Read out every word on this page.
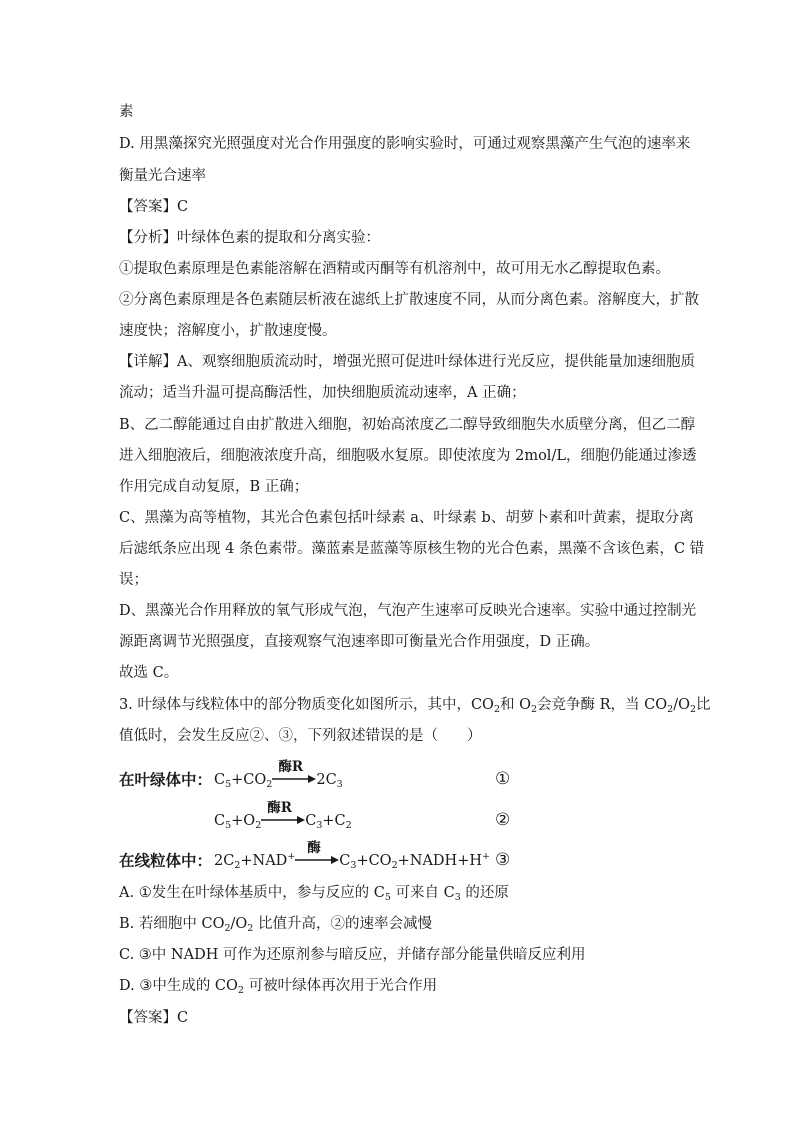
素
D. 用黑藻探究光照强度对光合作用强度的影响实验时，可通过观察黑藻产生气泡的速率来
衡量光合速率
【答案】C
【分析】叶绿体色素的提取和分离实验：
①提取色素原理是色素能溶解在酒精或丙酮等有机溶剂中，故可用无水乙醇提取色素。
②分离色素原理是各色素随层析液在滤纸上扩散速度不同，从而分离色素。溶解度大，扩散
速度快；溶解度小，扩散速度慢。
【详解】A、观察细胞质流动时，增强光照可促进叶绿体进行光反应，提供能量加速细胞质
流动；适当升温可提高酶活性，加快细胞质流动速率，A 正确；
B、乙二醇能通过自由扩散进入细胞，初始高浓度乙二醇导致细胞失水质壁分离，但乙二醇
进入细胞液后，细胞液浓度升高，细胞吸水复原。即使浓度为 2mol/L，细胞仍能通过渗透
作用完成自动复原，B 正确；
C、黑藻为高等植物，其光合色素包括叶绿素 a、叶绿素 b、胡萝卜素和叶黄素，提取分离
后滤纸条应出现 4 条色素带。藻蓝素是蓝藻等原核生物的光合色素，黑藻不含该色素，C 错
误；
D、黑藻光合作用释放的氧气形成气泡，气泡产生速率可反映光合速率。实验中通过控制光
源距离调节光照强度，直接观察气泡速率即可衡量光合作用强度，D 正确。
故选 C。
3. 叶绿体与线粒体中的部分物质变化如图所示，其中，$CO_2$和 $O_2$会竞争酶 R，当 $CO_2/O_2$比
值低时，会发生反应②、③，下列叙述错误的是（　　）
在叶绿体中： $C_5+CO_2$
酶R
$2C_3$	①
$C_5+O_2$
酶R
$C_3+C_2$	②
在线粒体中： $2C_2+NAD^+$
酶
$C_3+CO_2+NADH+H^+$ ③
A. ①发生在叶绿体基质中，参与反应的 $C_5$ 可来自 $C_3$ 的还原
B. 若细胞中 $CO_2/O_2$ 比值升高，②的速率会减慢
C. ③中 NADH 可作为还原剂参与暗反应，并储存部分能量供暗反应利用
D. ③中生成的 $CO_2$ 可被叶绿体再次用于光合作用
【答案】C
